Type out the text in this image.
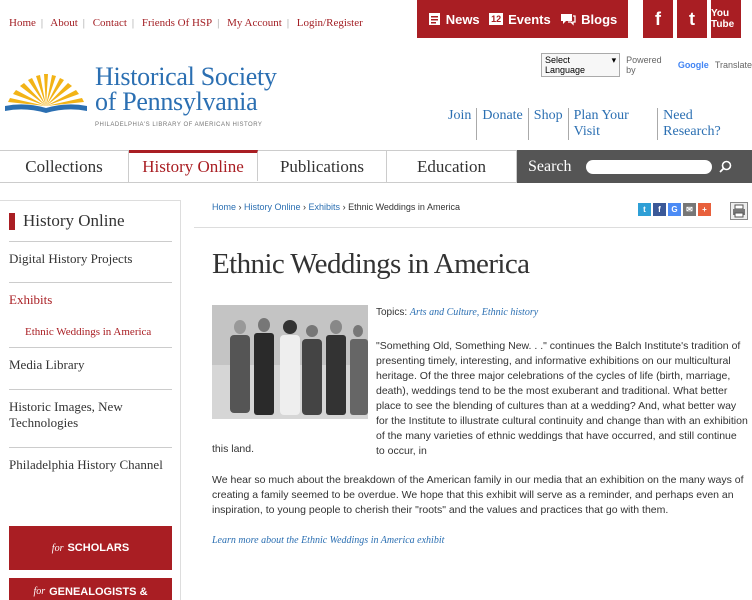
Home | About | Contact | Friends Of HSP | My Account | Login/Register	News 12 Events Blogs	f	t	You Tube
Select Language
▾ Powered by	Google Translate
Historical Society
of Pennsylvania
PHILADELPHIA'S LIBRARY OF AMERICAN HISTORY
Join Donate Shop Plan Your Visit
Need Research?
Collections	History Online	Publications	Education	Search
History Online
Digital History Projects
Exhibits
Ethnic Weddings in America
Media Library
Historic Images, New Technologies
Philadelphia History Channel
for SCHOLARS
for GENEALOGISTS &
Home › History Online › Exhibits › Ethnic Weddings in America	t	f	G	✉	+
Ethnic Weddings in America
Topics: Arts and Culture, Ethnic history

"Something Old, Something New. . ." continues the Balch Institute's tradition of presenting timely, interesting, and informative exhibitions on our multicultural heritage. Of the three major celebrations of the cycles of life (birth, marriage, death), weddings tend to be the most exuberant and traditional. What better place to see the blending of cultures than at a wedding? And, what better way for the Institute to illustrate cultural continuity and change than with an exhibition of the many varieties of ethnic weddings that have occurred, and still continue to occur, in

this land.

We hear so much about the breakdown of the American family in our media that an exhibition on the many ways of creating a family seemed to be overdue. We hope that this exhibit will serve as a reminder, and perhaps even an inspiration, to young people to cherish their "roots" and the values and practices that go with them.

Learn more about the Ethnic Weddings in America exhibit
